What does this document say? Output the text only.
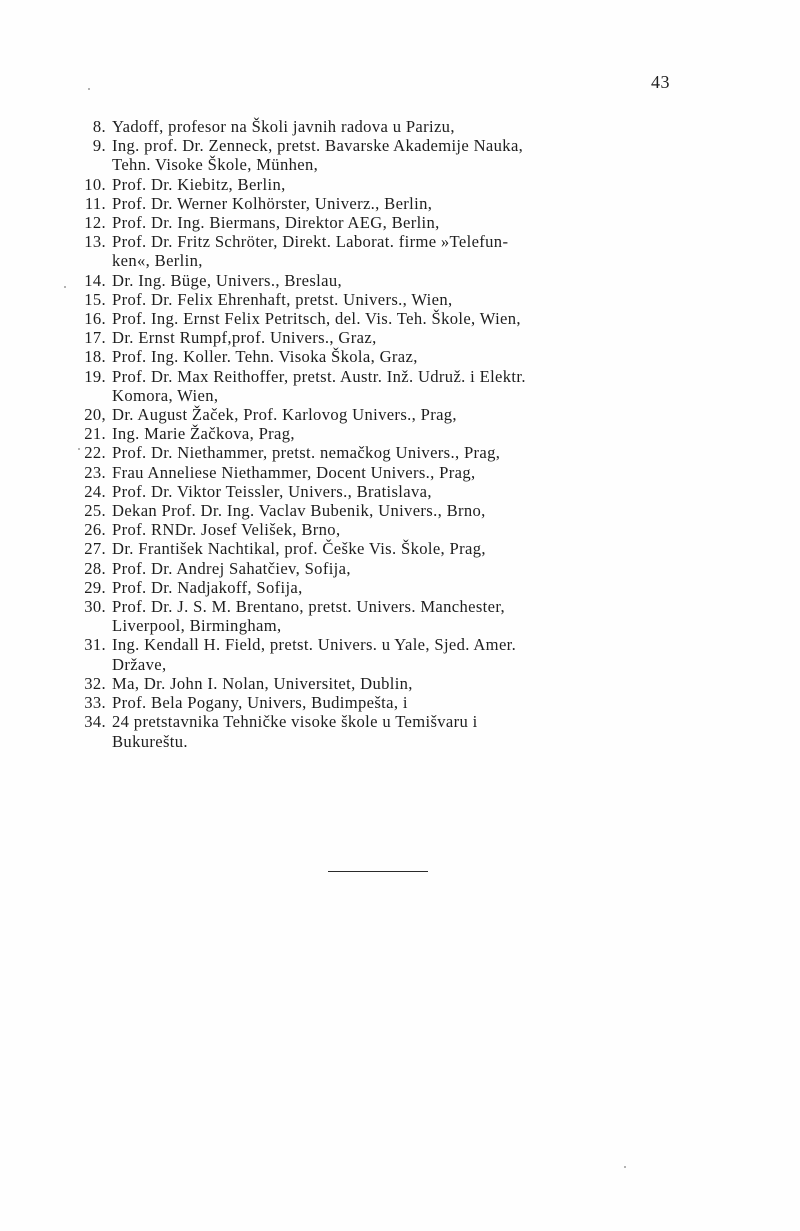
43
8. Yadoff, profesor na Školi javnih radova u Parizu,
9. Ing. prof. Dr. Zenneck, pretst. Bavarske Akademije Nauka,
Tehn. Visoke Škole, Münhen,
10. Prof. Dr. Kiebitz, Berlin,
11. Prof. Dr. Werner Kolhörster, Univerz., Berlin,
12. Prof. Dr. Ing. Biermans, Direktor AEG, Berlin,
13. Prof. Dr. Fritz Schröter, Direkt. Laborat. firme »Telefun-
ken«, Berlin,
14. Dr. Ing. Büge, Univers., Breslau,
15. Prof. Dr. Felix Ehrenhaft, pretst. Univers., Wien,
16. Prof. Ing. Ernst Felix Petritsch, del. Vis. Teh. Škole, Wien,
17. Dr. Ernst Rumpf,prof. Univers., Graz,
18. Prof. Ing. Koller. Tehn. Visoka Škola, Graz,
19. Prof. Dr. Max Reithoffer, pretst. Austr. Inž. Udruž. i Elektr.
Komora, Wien,
20, Dr. August Žaček, Prof. Karlovog Univers., Prag,
21. Ing. Marie Žačkova, Prag,
22. Prof. Dr. Niethammer, pretst. nemačkog Univers., Prag,
23. Frau Anneliese Niethammer, Docent Univers., Prag,
24. Prof. Dr. Viktor Teissler, Univers., Bratislava,
25. Dekan Prof. Dr. Ing. Vaclav Bubenik, Univers., Brno,
26. Prof. RNDr. Josef Velišek, Brno,
27. Dr. František Nachtikal, prof. Češke Vis. Škole, Prag,
28. Prof. Dr. Andrej Sahatčiev, Sofija,
29. Prof. Dr. Nadjakoff, Sofija,
30. Prof. Dr. J. S. M. Brentano, pretst. Univers. Manchester,
Liverpool, Birmingham,
31. Ing. Kendall H. Field, pretst. Univers. u Yale, Sjed. Amer.
Države,
32. Ma, Dr. John I. Nolan, Universitet, Dublin,
33. Prof. Bela Pogany, Univers, Budimpešta, i
34. 24 pretstavnika Tehničke visoke škole u Temišvaru i
Bukureštu.
